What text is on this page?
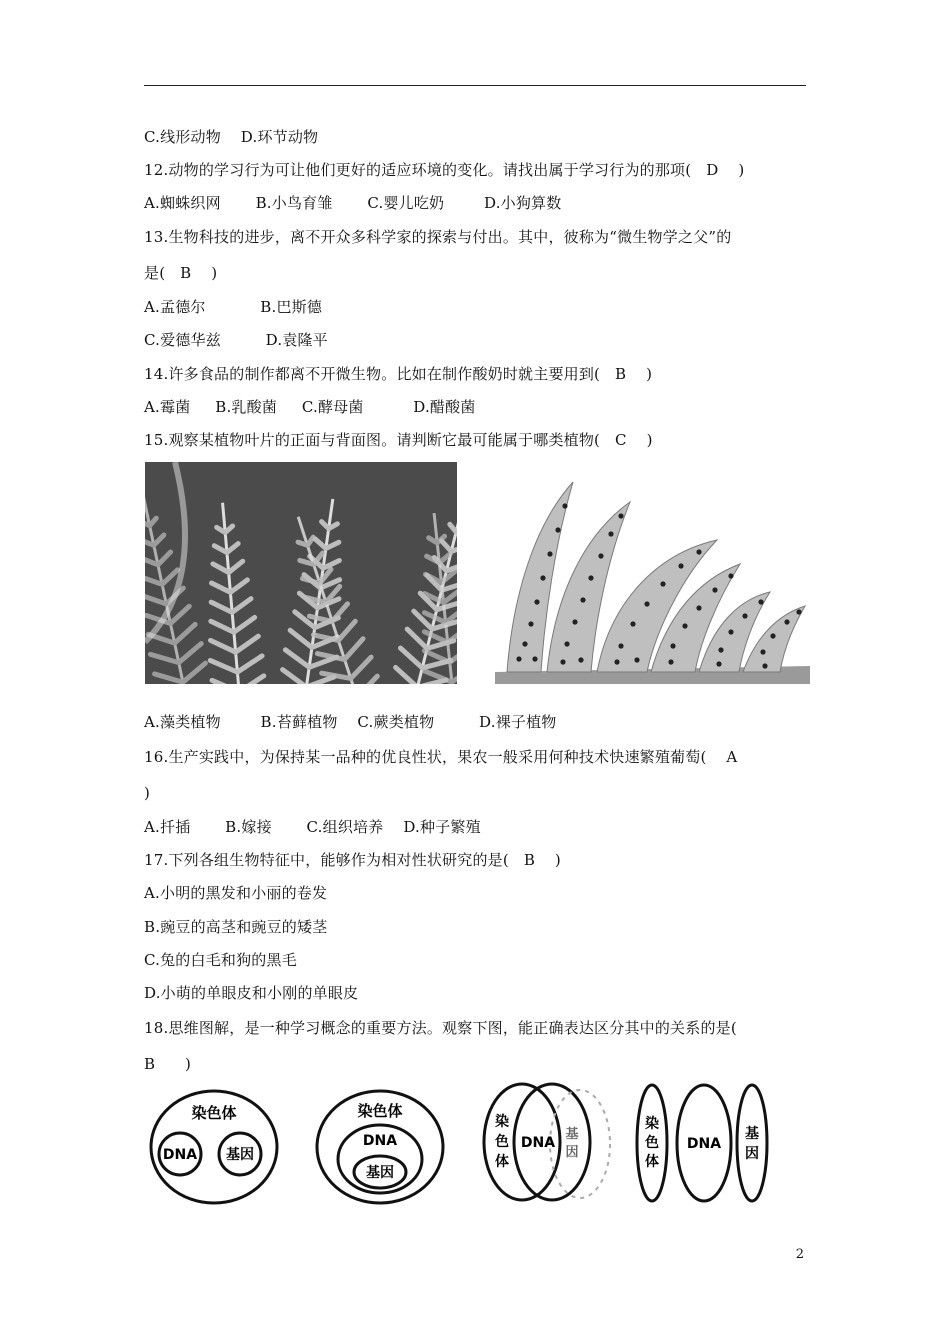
C.线形动物    D.环节动物
12.动物的学习行为可让他们更好的适应环境的变化。请找出属于学习行为的那项(   D    )
A.蜘蛛织网       B.小鸟育雏       C.婴儿吃奶        D.小狗算数
13.生物科技的进步，离不开众多科学家的探索与付出。其中，彼称为“微生物学之父”的
是(   B    )
A.孟德尔           B.巴斯德
C.爱德华兹         D.袁隆平
14.许多食品的制作都离不开微生物。比如在制作酸奶时就主要用到(   B    )
A.霉菌     B.乳酸菌     C.酵母菌          D.醋酸菌
15.观察某植物叶片的正面与背面图。请判断它最可能属于哪类植物(   C    )
A.藻类植物        B.苔藓植物    C.蕨类植物         D.裸子植物
16.生产实践中，为保持某一品种的优良性状，果农一般采用何种技术快速繁殖葡萄(    A
)
A.扦插       B.嫁接       C.组织培养    D.种子繁殖
17.下列各组生物特征中，能够作为相对性状研究的是(   B    )
A.小明的黑发和小丽的卷发
B.豌豆的高茎和豌豆的矮茎
C.兔的白毛和狗的黑毛
D.小萌的单眼皮和小刚的单眼皮
18.思维图解，是一种学习概念的重要方法。观察下图，能正确表达区分其中的关系的是(
B      )
染色体
DNA 基因
染色体
DNA
基因
染
色
体
DNA
基
因
染
色
体
DNA
基
因
2
